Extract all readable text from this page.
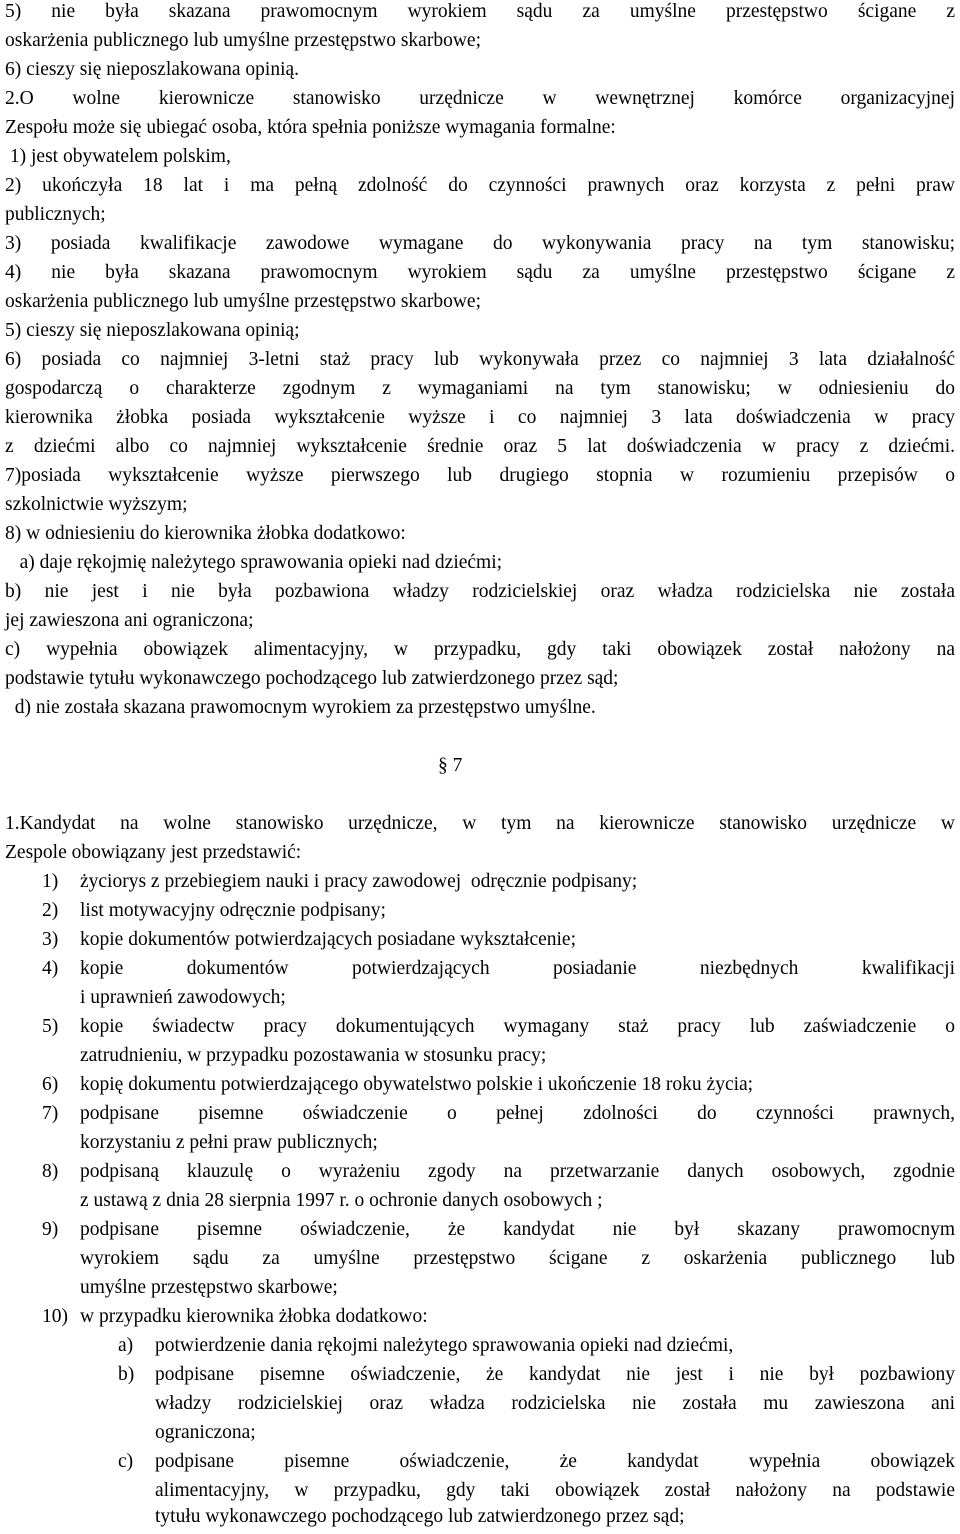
5) nie była skazana prawomocnym wyrokiem sądu za umyślne przestępstwo ścigane z
oskarżenia publicznego lub umyślne przestępstwo skarbowe;
6) cieszy się nieposzlakowana opinią.
2.O wolne kierownicze stanowisko urzędnicze w wewnętrznej komórce organizacyjnej
Zespołu może się ubiegać osoba, która spełnia poniższe wymagania formalne:
1) jest obywatelem polskim,
2) ukończyła 18 lat i ma pełną zdolność do czynności prawnych oraz korzysta z pełni praw
publicznych;
3) posiada kwalifikacje zawodowe wymagane do wykonywania pracy na tym stanowisku;
4) nie była skazana prawomocnym wyrokiem sądu za umyślne przestępstwo ścigane z
oskarżenia publicznego lub umyślne przestępstwo skarbowe;
5) cieszy się nieposzlakowana opinią;
6) posiada co najmniej 3-letni staż pracy lub wykonywała przez co najmniej 3 lata działalność
gospodarczą o charakterze zgodnym z wymaganiami na tym stanowisku; w odniesieniu do
kierownika żłobka posiada wykształcenie wyższe i co najmniej 3 lata doświadczenia w pracy
z dziećmi albo co najmniej wykształcenie średnie oraz 5 lat doświadczenia w pracy z dziećmi.
7)posiada wykształcenie wyższe pierwszego lub drugiego stopnia w rozumieniu przepisów o
szkolnictwie wyższym;
8) w odniesieniu do kierownika żłobka dodatkowo:
a) daje rękojmię należytego sprawowania opieki nad dziećmi;
b) nie jest i nie była pozbawiona władzy rodzicielskiej oraz władza rodzicielska nie została
jej zawieszona ani ograniczona;
c) wypełnia obowiązek alimentacyjny, w przypadku, gdy taki obowiązek został nałożony na
podstawie tytułu wykonawczego pochodzącego lub zatwierdzonego przez sąd;
d) nie została skazana prawomocnym wyrokiem za przestępstwo umyślne.
§ 7
1.Kandydat na wolne stanowisko urzędnicze, w tym na kierownicze stanowisko urzędnicze w
Zespole obowiązany jest przedstawić:
1) życiorys z przebiegiem nauki i pracy zawodowej  odręcznie podpisany;
2) list motywacyjny odręcznie podpisany;
3) kopie dokumentów potwierdzających posiadane wykształcenie;
4) kopie dokumentów potwierdzających posiadanie niezbędnych kwalifikacji
i uprawnień zawodowych;
5) kopie świadectw pracy dokumentujących wymagany staż pracy lub zaświadczenie o
zatrudnieniu, w przypadku pozostawania w stosunku pracy;
6) kopię dokumentu potwierdzającego obywatelstwo polskie i ukończenie 18 roku życia;
7) podpisane pisemne oświadczenie o pełnej zdolności do czynności prawnych,
korzystaniu z pełni praw publicznych;
8) podpisaną klauzulę o wyrażeniu zgody na przetwarzanie danych osobowych, zgodnie
z ustawą z dnia 28 sierpnia 1997 r. o ochronie danych osobowych ;
9) podpisane pisemne oświadczenie, że kandydat nie był skazany prawomocnym
wyrokiem sądu za umyślne przestępstwo ścigane z oskarżenia publicznego lub
umyślne przestępstwo skarbowe;
10) w przypadku kierownika żłobka dodatkowo:
a) potwierdzenie dania rękojmi należytego sprawowania opieki nad dziećmi,
b) podpisane pisemne oświadczenie, że kandydat nie jest i nie był pozbawiony
władzy rodzicielskiej oraz władza rodzicielska nie została mu zawieszona ani
ograniczona;
c) podpisane pisemne oświadczenie, że kandydat wypełnia obowiązek
alimentacyjny, w przypadku, gdy taki obowiązek został nałożony na podstawie
tytułu wykonawczego pochodzącego lub zatwierdzonego przez sąd;
